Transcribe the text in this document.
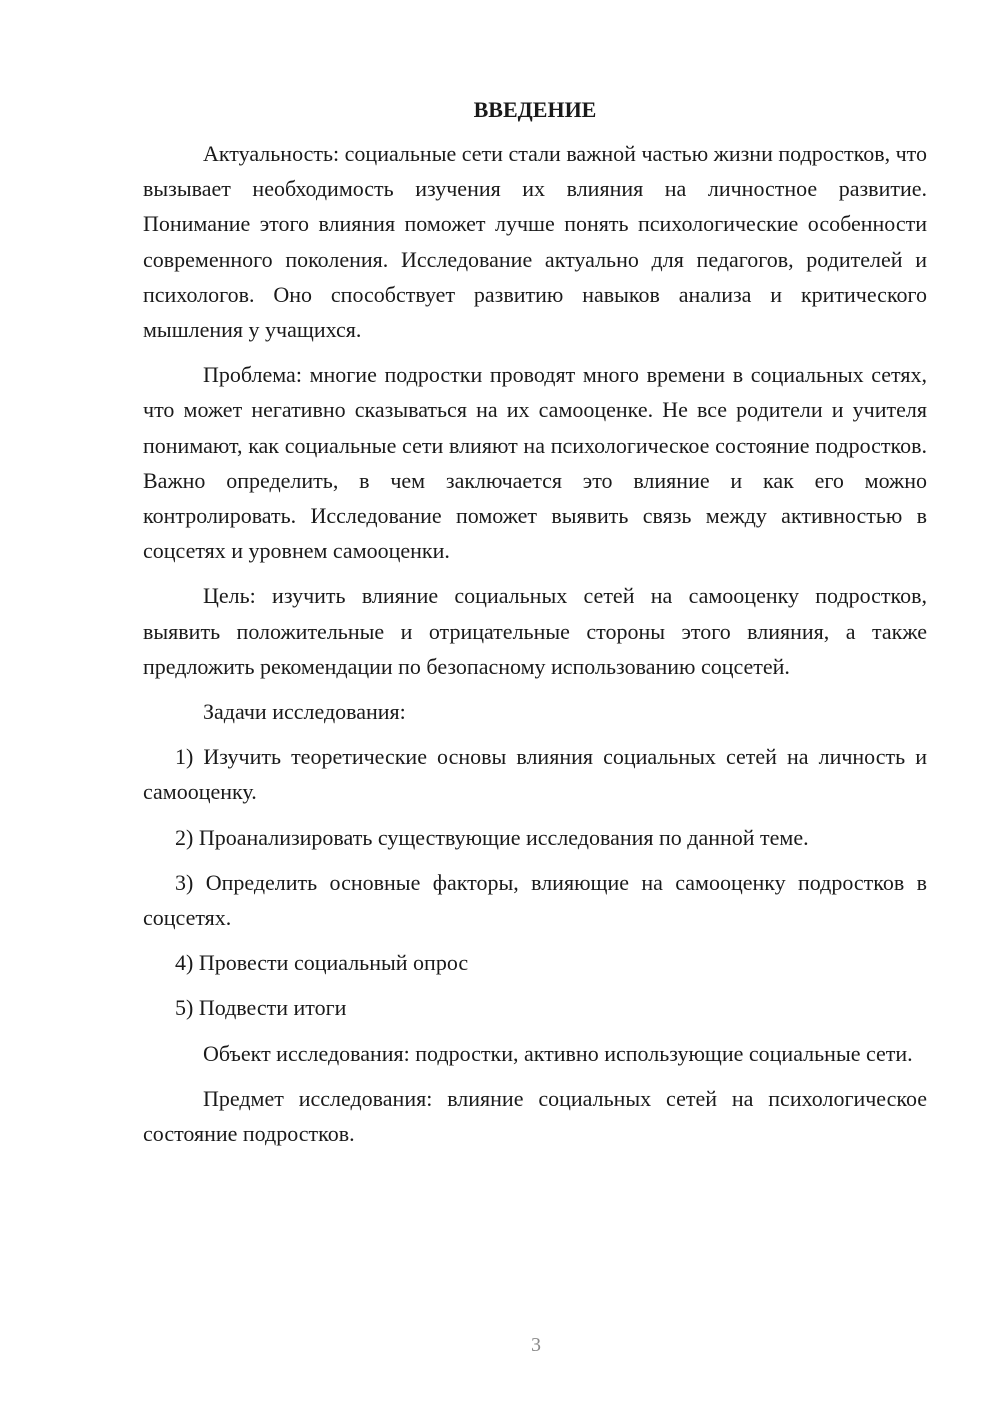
ВВЕДЕНИЕ

Актуальность: социальные сети стали важной частью жизни подростков, что вызывает необходимость изучения их влияния на личностное развитие. Понимание этого влияния поможет лучше понять психологические особенности современного поколения. Исследование актуально для педагогов, родителей и психологов. Оно способствует развитию навыков анализа и критического мышления у учащихся.

Проблема: многие подростки проводят много времени в социальных сетях, что может негативно сказываться на их самооценке. Не все родители и учителя понимают, как социальные сети влияют на психологическое состояние подростков. Важно определить, в чем заключается это влияние и как его можно контролировать. Исследование поможет выявить связь между активностью в соцсетях и уровнем самооценки.

Цель: изучить влияние социальных сетей на самооценку подростков, выявить положительные и отрицательные стороны этого влияния, а также предложить рекомендации по безопасному использованию соцсетей.

Задачи исследования:

1) Изучить теоретические основы влияния социальных сетей на личность и самооценку.

2) Проанализировать существующие исследования по данной теме.

3) Определить основные факторы, влияющие на самооценку подростков в соцсетях.

4) Провести социальный опрос

5) Подвести итоги

Объект исследования: подростки, активно использующие социальные сети.

Предмет исследования: влияние социальных сетей на психологическое состояние подростков.

3
